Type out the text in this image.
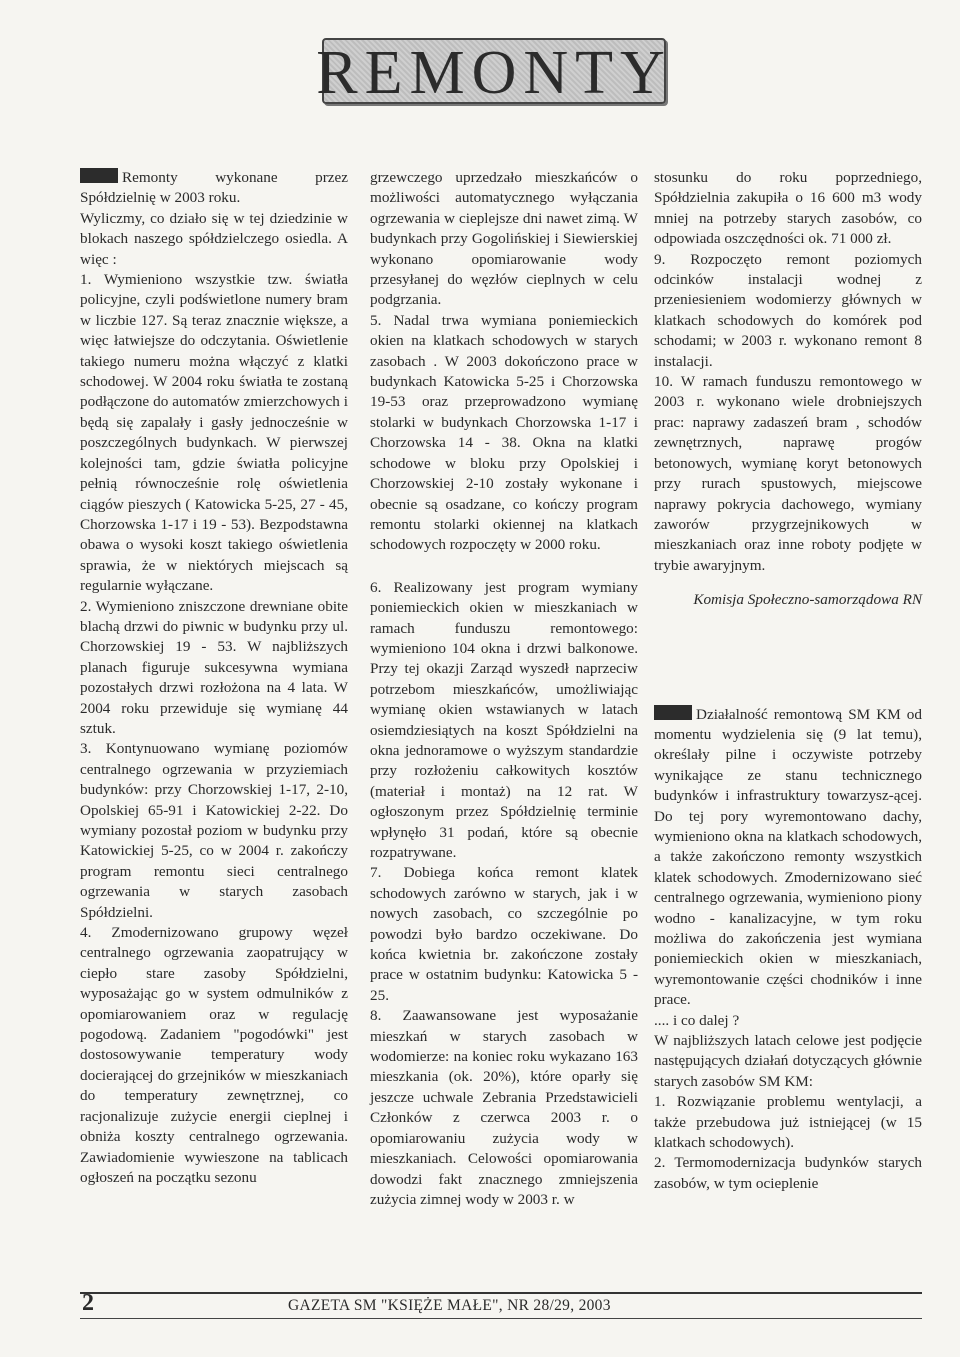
REMONTY

Remonty wykonane przez Spółdzielnię w 2003 roku.

Wyliczmy, co działo się w tej dziedzinie w blokach naszego spółdzielczego osiedla. A więc :

1. Wymieniono wszystkie tzw. światła policyjne, czyli podświetlone numery bram w liczbie 127. Są teraz znacznie większe, a więc łatwiejsze do odczytania. Oświetlenie takiego numeru można włączyć z klatki schodowej. W 2004 roku światła te zostaną podłączone do automatów zmierzchowych i będą się zapalały i gasły jednocześnie w poszczególnych budynkach. W pierwszej kolejności tam, gdzie światła policyjne pełnią równocześnie rolę oświetlenia ciągów pieszych ( Katowicka 5-25, 27 - 45, Chorzowska 1-17 i 19 - 53). Bezpodstawna obawa o wysoki koszt takiego oświetlenia sprawia, że w niektórych miejscach są regularnie wyłączane.

2. Wymieniono zniszczone drewniane obite blachą drzwi do piwnic w budynku przy ul. Chorzowskiej 19 - 53. W najbliższych planach figuruje sukcesywna wymiana pozostałych drzwi rozłożona na 4 lata. W 2004 roku przewiduje się wymianę 44 sztuk.

3. Kontynuowano wymianę poziomów centralnego ogrzewania w przyziemiach budynków: przy Chorzowskiej 1-17, 2-10, Opolskiej 65-91 i Katowickiej 2-22. Do wymiany pozostał poziom w budynku przy Katowickiej 5-25, co w 2004 r. zakończy program remontu sieci centralnego ogrzewania w starych zasobach Spółdzielni.

4. Zmodernizowano grupowy węzeł centralnego ogrzewania zaopatrujący w ciepło stare zasoby Spółdzielni, wyposażając go w system odmulników z opomiarowaniem oraz w regulację pogodową. Zadaniem "pogodówki" jest dostosowywanie temperatury wody docierającej do grzejników w mieszkaniach do temperatury zewnętrznej, co racjonalizuje zużycie energii cieplnej i obniża koszty centralnego ogrzewania. Zawiadomienie wywieszone na tablicach ogłoszeń na początku sezonu

grzewczego uprzedzało mieszkańców o możliwości automatycznego wyłączania ogrzewania w cieplejsze dni nawet zimą. W budynkach przy Gogolińskiej i Siewierskiej wykonano opomiarowanie wody przesyłanej do węzłów cieplnych w celu podgrzania.

5. Nadal trwa wymiana poniemieckich okien na klatkach schodowych w starych zasobach . W 2003 dokończono prace w budynkach Katowicka 5-25 i Chorzowska 19-53 oraz przeprowadzono wymianę stolarki w budynkach Chorzowska 1-17 i Chorzowska 14 - 38. Okna na klatki schodowe w bloku przy Opolskiej i Chorzowskiej 2-10 zostały wykonane i obecnie są osadzane, co kończy program remontu stolarki okiennej na klatkach schodowych rozpoczęty w 2000 roku.

6. Realizowany jest program wymiany poniemieckich okien w mieszkaniach w ramach funduszu remontowego: wymieniono 104 okna i drzwi balkonowe. Przy tej okazji Zarząd wyszedł naprzeciw potrzebom mieszkańców, umożliwiając wymianę okien wstawianych w latach osiemdziesiątych na koszt Spółdzielni na okna jednoramowe o wyższym standardzie przy rozłożeniu całkowitych kosztów (materiał i montaż) na 12 rat. W ogłoszonym przez Spółdzielnię terminie wpłynęło 31 podań, które są obecnie rozpatrywane.

7. Dobiega końca remont klatek schodowych zarówno w starych, jak i w nowych zasobach, co szczególnie po powodzi było bardzo oczekiwane. Do końca kwietnia br. zakończone zostały prace w ostatnim budynku: Katowicka 5 - 25.

8. Zaawansowane jest wyposażanie mieszkań w starych zasobach w wodomierze: na koniec roku wykazano 163 mieszkania (ok. 20%), które oparły się jeszcze uchwale Zebrania Przedstawicieli Członków z czerwca 2003 r. o opomiarowaniu zużycia wody w mieszkaniach. Celowości opomiarowania dowodzi fakt znacznego zmniejszenia zużycia zimnej wody w 2003 r. w

stosunku do roku poprzedniego, Spółdzielnia zakupiła o 16 600 m3 wody mniej na potrzeby starych zasobów, co odpowiada oszczędności ok. 71 000 zł.

9. Rozpoczęto remont poziomych odcinków instalacji wodnej z przeniesieniem wodomierzy głównych w klatkach schodowych do komórek pod schodami; w 2003 r. wykonano remont 8 instalacji.

10. W ramach funduszu remontowego w 2003 r. wykonano wiele drobniejszych prac: naprawy zadaszeń bram , schodów zewnętrznych, naprawę progów betonowych, wymianę koryt betonowych przy rurach spustowych, miejscowe naprawy pokrycia dachowego, wymiany zaworów przygrzejnikowych w mieszkaniach oraz inne roboty podjęte w trybie awaryjnym.

Komisja Społeczno-samorządowa RN

Działalność remontową SM KM od momentu wydzielenia się (9 lat temu), określały pilne i oczywiste potrzeby wynikające ze stanu technicznego budynków i infrastruktury towarzysz-ącej. Do tej pory wyremontowano dachy, wymieniono okna na klatkach schodowych, a także zakończono remonty wszystkich klatek schodowych. Zmodernizowano sieć centralnego ogrzewania, wymieniono piony wodno - kanalizacyjne, w tym roku możliwa do zakończenia jest wymiana poniemieckich okien w mieszkaniach, wyremontowanie części chodników i inne prace.

.... i co dalej ?

W najbliższych latach celowe jest podjęcie następujących działań dotyczących głównie starych zasobów SM KM:

1. Rozwiązanie problemu wentylacji, a także przebudowa już istniejącej (w 15 klatkach schodowych).

2. Termomodernizacja budynków starych zasobów, w tym ocieplenie

2	GAZETA SM "KSIĘŻE MAŁE", NR 28/29, 2003
